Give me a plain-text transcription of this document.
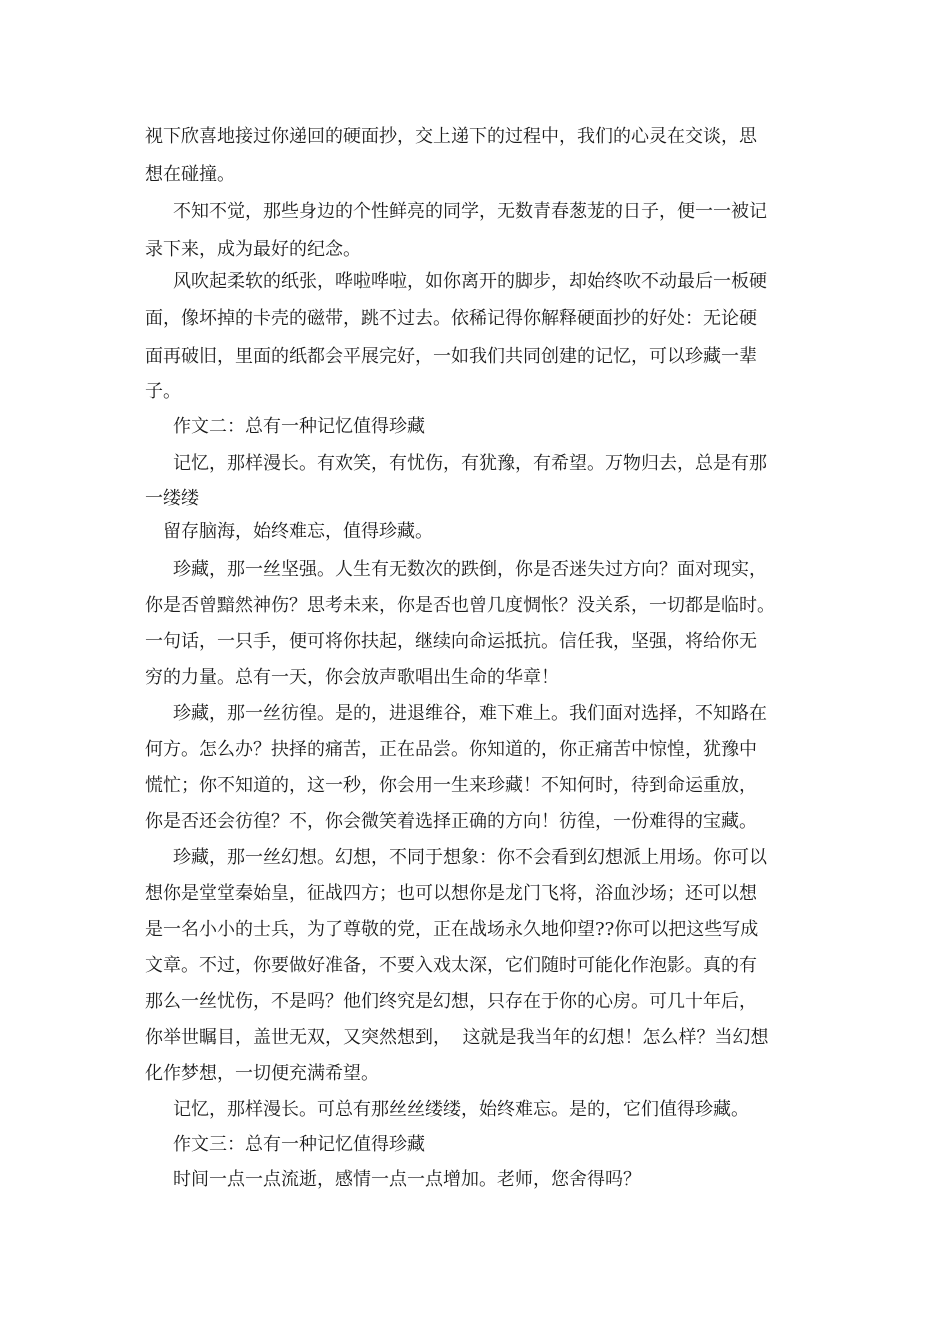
视下欣喜地接过你递回的硬面抄，交上递下的过程中，我们的心灵在交谈，思
想在碰撞。
不知不觉，那些身边的个性鲜亮的同学，无数青春葱茏的日子，便一一被记
录下来，成为最好的纪念。
风吹起柔软的纸张，哗啦哗啦，如你离开的脚步，却始终吹不动最后一板硬
面，像坏掉的卡壳的磁带，跳不过去。依稀记得你解释硬面抄的好处：无论硬
面再破旧，里面的纸都会平展完好，一如我们共同创建的记忆，可以珍藏一辈
子。
作文二：总有一种记忆值得珍藏
记忆，那样漫长。有欢笑，有忧伤，有犹豫，有希望。万物归去，总是有那
一缕缕
留存脑海，始终难忘，值得珍藏。
珍藏，那一丝坚强。人生有无数次的跌倒，你是否迷失过方向？面对现实，
你是否曾黯然神伤？思考未来，你是否也曾几度惆怅？没关系，一切都是临时。
一句话，一只手，便可将你扶起，继续向命运抵抗。信任我，坚强，将给你无
穷的力量。总有一天，你会放声歌唱出生命的华章！
珍藏，那一丝彷徨。是的，进退维谷，难下难上。我们面对选择，不知路在
何方。怎么办？抉择的痛苦，正在品尝。你知道的，你正痛苦中惊惶，犹豫中
慌忙；你不知道的，这一秒，你会用一生来珍藏！不知何时，待到命运重放，
你是否还会彷徨？不，你会微笑着选择正确的方向！彷徨，一份难得的宝藏。
珍藏，那一丝幻想。幻想，不同于想象：你不会看到幻想派上用场。你可以
想你是堂堂秦始皇，征战四方；也可以想你是龙门飞将，浴血沙场；还可以想
是一名小小的士兵，为了尊敬的党，正在战场永久地仰望??你可以把这些写成
文章。不过，你要做好准备，不要入戏太深，它们随时可能化作泡影。真的有
那么一丝忧伤，不是吗？他们终究是幻想，只存在于你的心房。可几十年后，
你举世瞩目，盖世无双，又突然想到，  这就是我当年的幻想！怎么样？当幻想
化作梦想，一切便充满希望。
记忆，那样漫长。可总有那丝丝缕缕，始终难忘。是的，它们值得珍藏。
作文三：总有一种记忆值得珍藏
时间一点一点流逝，感情一点一点增加。老师，您舍得吗？
